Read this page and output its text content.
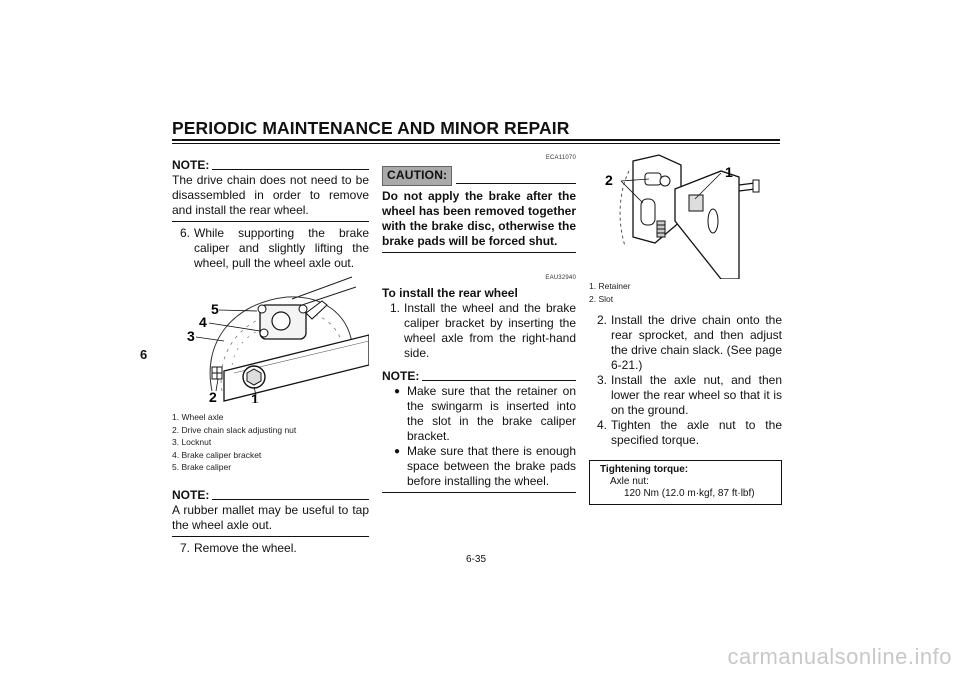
PERIODIC MAINTENANCE AND MINOR REPAIR
6
NOTE:
The drive chain does not need to be disassembled in order to remove and install the rear wheel.
6. While supporting the brake caliper and slightly lifting the wheel, pull the wheel axle out.
5
4
3
2 1
1. Wheel axle
2. Drive chain slack adjusting nut
3. Locknut
4. Brake caliper bracket
5. Brake caliper
NOTE:
A rubber mallet may be useful to tap the wheel axle out.
7. Remove the wheel.
ECA11070
CAUTION:
Do not apply the brake after the wheel has been removed together with the brake disc, otherwise the brake pads will be forced shut.
EAU32940
To install the rear wheel
1. Install the wheel and the brake caliper bracket by inserting the wheel axle from the right-hand side.
NOTE:
● Make sure that the retainer on the swingarm is inserted into the slot in the brake caliper bracket.
● Make sure that there is enough space between the brake pads before installing the wheel.
2	1
1. Retainer
2. Slot
2. Install the drive chain onto the rear sprocket, and then adjust the drive chain slack. (See page 6-21.)
3. Install the axle nut, and then lower the rear wheel so that it is on the ground.
4. Tighten the axle nut to the specified torque.
Tightening torque:
Axle nut:
120 Nm (12.0 m·kgf, 87 ft·lbf)
6-35
carmanualsonline.info
